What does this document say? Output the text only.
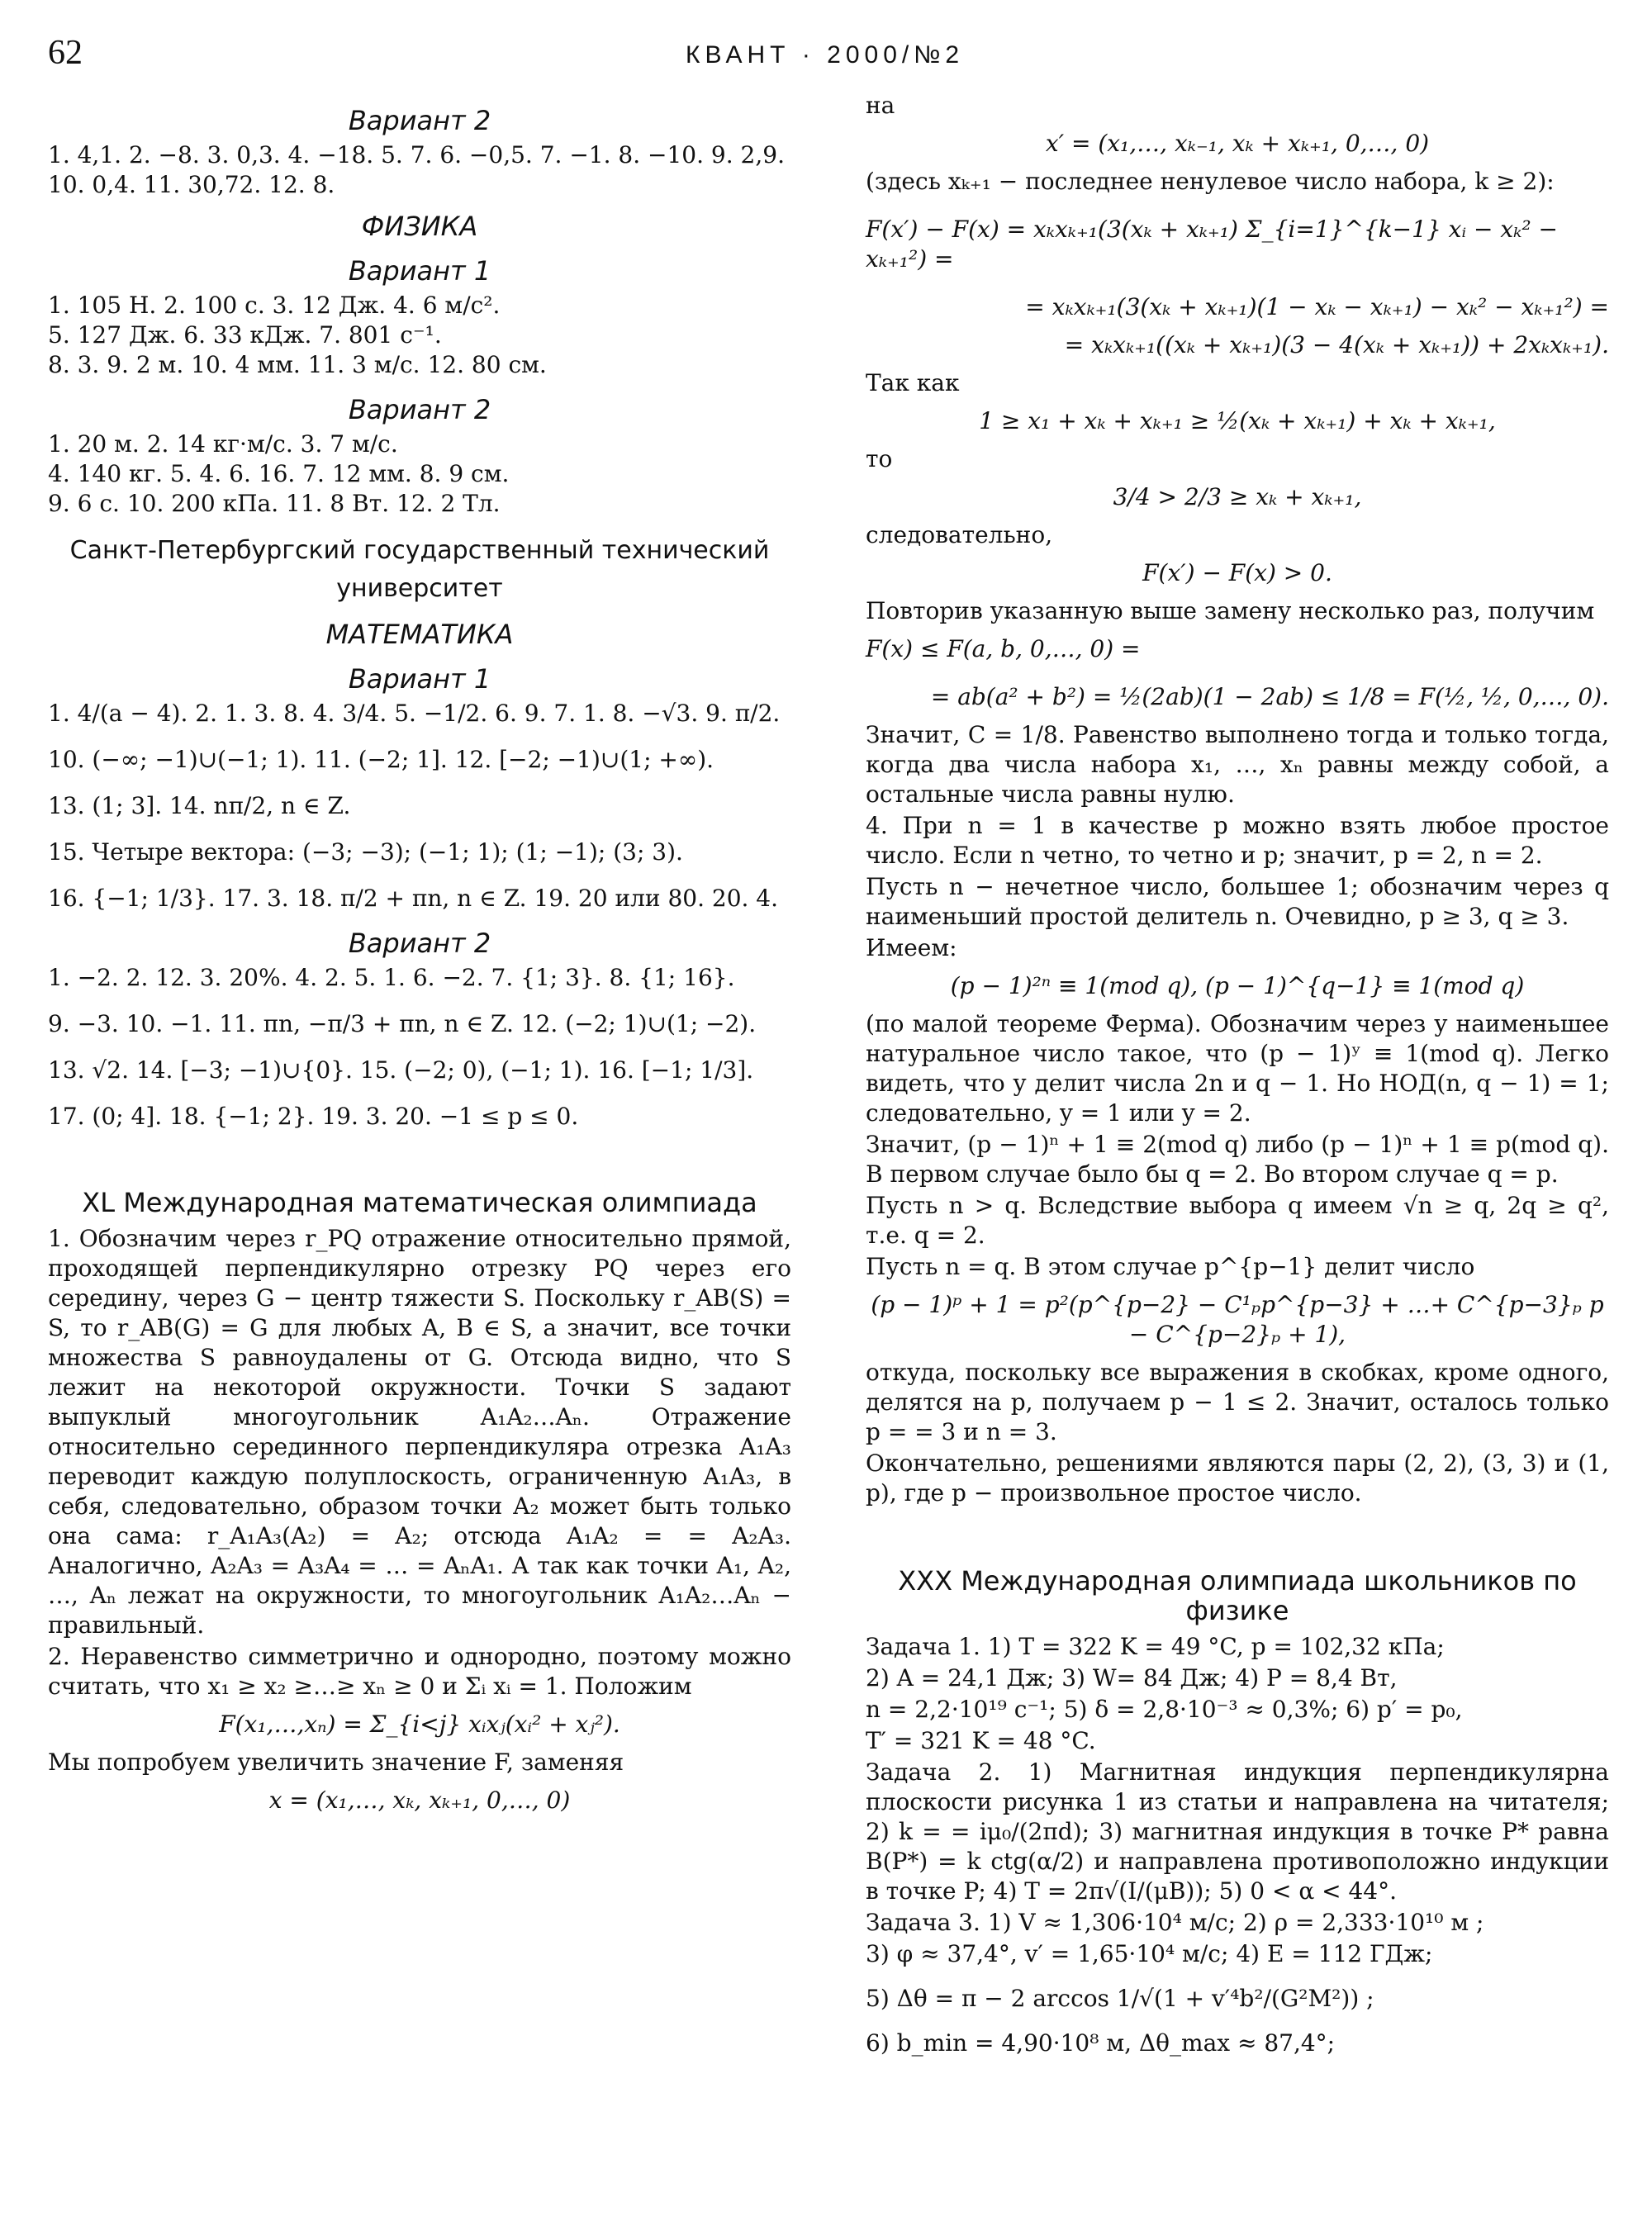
62	КВАНТ · 2000/№2
Вариант 2

1. 4,1. 2. −8. 3. 0,3. 4. −18. 5. 7. 6. −0,5. 7. −1. 8. −10. 9. 2,9.

10. 0,4. 11. 30,72. 12. 8.

ФИЗИКА
Вариант 1

1. 105 Н. 2. 100 с. 3. 12 Дж. 4. 6 м/с².

5. 127 Дж. 6. 33 кДж. 7. 801 с⁻¹.

8. 3. 9. 2 м. 10. 4 мм. 11. 3 м/с. 12. 80 см.

Вариант 2

1. 20 м. 2. 14 кг·м/с. 3. 7 м/с.

4. 140 кг. 5. 4. 6. 16. 7. 12 мм. 8. 9 см.

9. 6 с. 10. 200 кПа. 11. 8 Вт. 12. 2 Тл.

Санкт-Петербургский государственный технический
университет
МАТЕМАТИКА
Вариант 1

1. 4/(a − 4). 2. 1. 3. 8. 4. 3/4. 5. −1/2. 6. 9. 7. 1. 8. −√3. 9. π/2.

10. (−∞; −1)∪(−1; 1). 11. (−2; 1]. 12. [−2; −1)∪(1; +∞).

13. (1; 3]. 14. nπ/2, n ∈ Z.

15. Четыре вектора: (−3; −3); (−1; 1); (1; −1); (3; 3).

16. {−1; 1/3}. 17. 3. 18. π/2 + πn, n ∈ Z. 19. 20 или 80. 20. 4.

Вариант 2

1. −2. 2. 12. 3. 20%. 4. 2. 5. 1. 6. −2. 7. {1; 3}. 8. {1; 16}.

9. −3. 10. −1. 11. πn, −π/3 + πn, n ∈ Z. 12. (−2; 1)∪(1; −2).

13. √2. 14. [−3; −1)∪{0}. 15. (−2; 0), (−1; 1). 16. [−1; 1/3].

17. (0; 4]. 18. {−1; 2}. 19. 3. 20. −1 ≤ p ≤ 0.

XL Международная математическая олимпиада

1. Обозначим через r_PQ отражение относительно прямой, проходящей перпендикулярно отрезку PQ через его середину, через G − центр тяжести S. Поскольку r_AB(S) = S, то r_AB(G) = G для любых A, B ∈ S, а значит, все точки множества S равноудалены от G. Отсюда видно, что S лежит на некоторой окружности. Точки S задают выпуклый многоугольник A₁A₂…Aₙ. Отражение относительно серединного перпендикуляра отрезка A₁A₃ переводит каждую полуплоскость, ограниченную A₁A₃, в себя, следовательно, образом точки A₂ может быть только она сама: r_A₁A₃(A₂) = A₂; отсюда A₁A₂ = = A₂A₃. Аналогично, A₂A₃ = A₃A₄ = … = AₙA₁. А так как точки A₁, A₂, …, Aₙ лежат на окружности, то многоугольник A₁A₂…Aₙ − правильный.

2. Неравенство симметрично и однородно, поэтому можно считать, что x₁ ≥ x₂ ≥…≥ xₙ ≥ 0 и Σᵢ xᵢ = 1. Положим

F(x₁,…,xₙ) = Σ_{i<j} xᵢxⱼ(xᵢ² + xⱼ²).

Мы попробуем увеличить значение F, заменяя

x = (x₁,…, xₖ, xₖ₊₁, 0,…, 0)

на

x′ = (x₁,…, xₖ₋₁, xₖ + xₖ₊₁, 0,…, 0)

(здесь xₖ₊₁ − последнее ненулевое число набора, k ≥ 2):

F(x′) − F(x) = xₖxₖ₊₁(3(xₖ + xₖ₊₁) Σ_{i=1}^{k−1} xᵢ − xₖ² − xₖ₊₁²) =
= xₖxₖ₊₁(3(xₖ + xₖ₊₁)(1 − xₖ − xₖ₊₁) − xₖ² − xₖ₊₁²) =
= xₖxₖ₊₁((xₖ + xₖ₊₁)(3 − 4(xₖ + xₖ₊₁)) + 2xₖxₖ₊₁).

Так как

1 ≥ x₁ + xₖ + xₖ₊₁ ≥ ½(xₖ + xₖ₊₁) + xₖ + xₖ₊₁,

то

3/4 > 2/3 ≥ xₖ + xₖ₊₁,

следовательно,

F(x′) − F(x) > 0.

Повторив указанную выше замену несколько раз, получим

F(x) ≤ F(a, b, 0,…, 0) =
= ab(a² + b²) = ½(2ab)(1 − 2ab) ≤ 1/8 = F(½, ½, 0,…, 0).

Значит, C = 1/8. Равенство выполнено тогда и только тогда, когда два числа набора x₁, …, xₙ равны между собой, а остальные числа равны нулю.

4. При n = 1 в качестве p можно взять любое простое число. Если n четно, то четно и p; значит, p = 2, n = 2.

Пусть n − нечетное число, большее 1; обозначим через q наименьший простой делитель n. Очевидно, p ≥ 3, q ≥ 3.

Имеем:

(p − 1)²ⁿ ≡ 1(mod q), (p − 1)^{q−1} ≡ 1(mod q)

(по малой теореме Ферма). Обозначим через y наименьшее натуральное число такое, что (p − 1)ʸ ≡ 1(mod q). Легко видеть, что y делит числа 2n и q − 1. Но НОД(n, q − 1) = 1; следовательно, y = 1 или y = 2.

Значит, (p − 1)ⁿ + 1 ≡ 2(mod q) либо (p − 1)ⁿ + 1 ≡ p(mod q). В первом случае было бы q = 2. Во втором случае q = p.

Пусть n > q. Вследствие выбора q имеем √n ≥ q, 2q ≥ q², т.е. q = 2.

Пусть n = q. В этом случае p^{p−1} делит число

(p − 1)ᵖ + 1 = p²(p^{p−2} − C¹ₚp^{p−3} + …+ C^{p−3}ₚ p − C^{p−2}ₚ + 1),

откуда, поскольку все выражения в скобках, кроме одного, делятся на p, получаем p − 1 ≤ 2. Значит, осталось только p = = 3 и n = 3.

Окончательно, решениями являются пары (2, 2), (3, 3) и (1, p), где p − произвольное простое число.

XXX Международная олимпиада школьников по физике

Задача 1. 1) T = 322 K = 49 °C, p = 102,32 кПа;

2) A = 24,1 Дж; 3) W= 84 Дж; 4) P = 8,4 Вт,

n = 2,2·10¹⁹ c⁻¹; 5) δ = 2,8·10⁻³ ≈ 0,3%; 6) p′ = p₀,

T′ = 321 K = 48 °C.

Задача 2. 1) Магнитная индукция перпендикулярна плоскости рисунка 1 из статьи и направлена на читателя; 2) k = = iμ₀/(2πd); 3) магнитная индукция в точке P* равна B(P*) = k ctg(α/2) и направлена противоположно индукции в точке P; 4) T = 2π√(I/(μB)); 5) 0 < α < 44°.

Задача 3. 1) V ≈ 1,306·10⁴ м/с; 2) ρ = 2,333·10¹⁰ м ;

3) φ ≈ 37,4°, v′ = 1,65·10⁴ м/с; 4) E = 112 ГДж;

5) Δθ = π − 2 arccos 1/√(1 + v′⁴b²/(G²M²)) ;

6) b_min = 4,90·10⁸ м, Δθ_max ≈ 87,4°;
